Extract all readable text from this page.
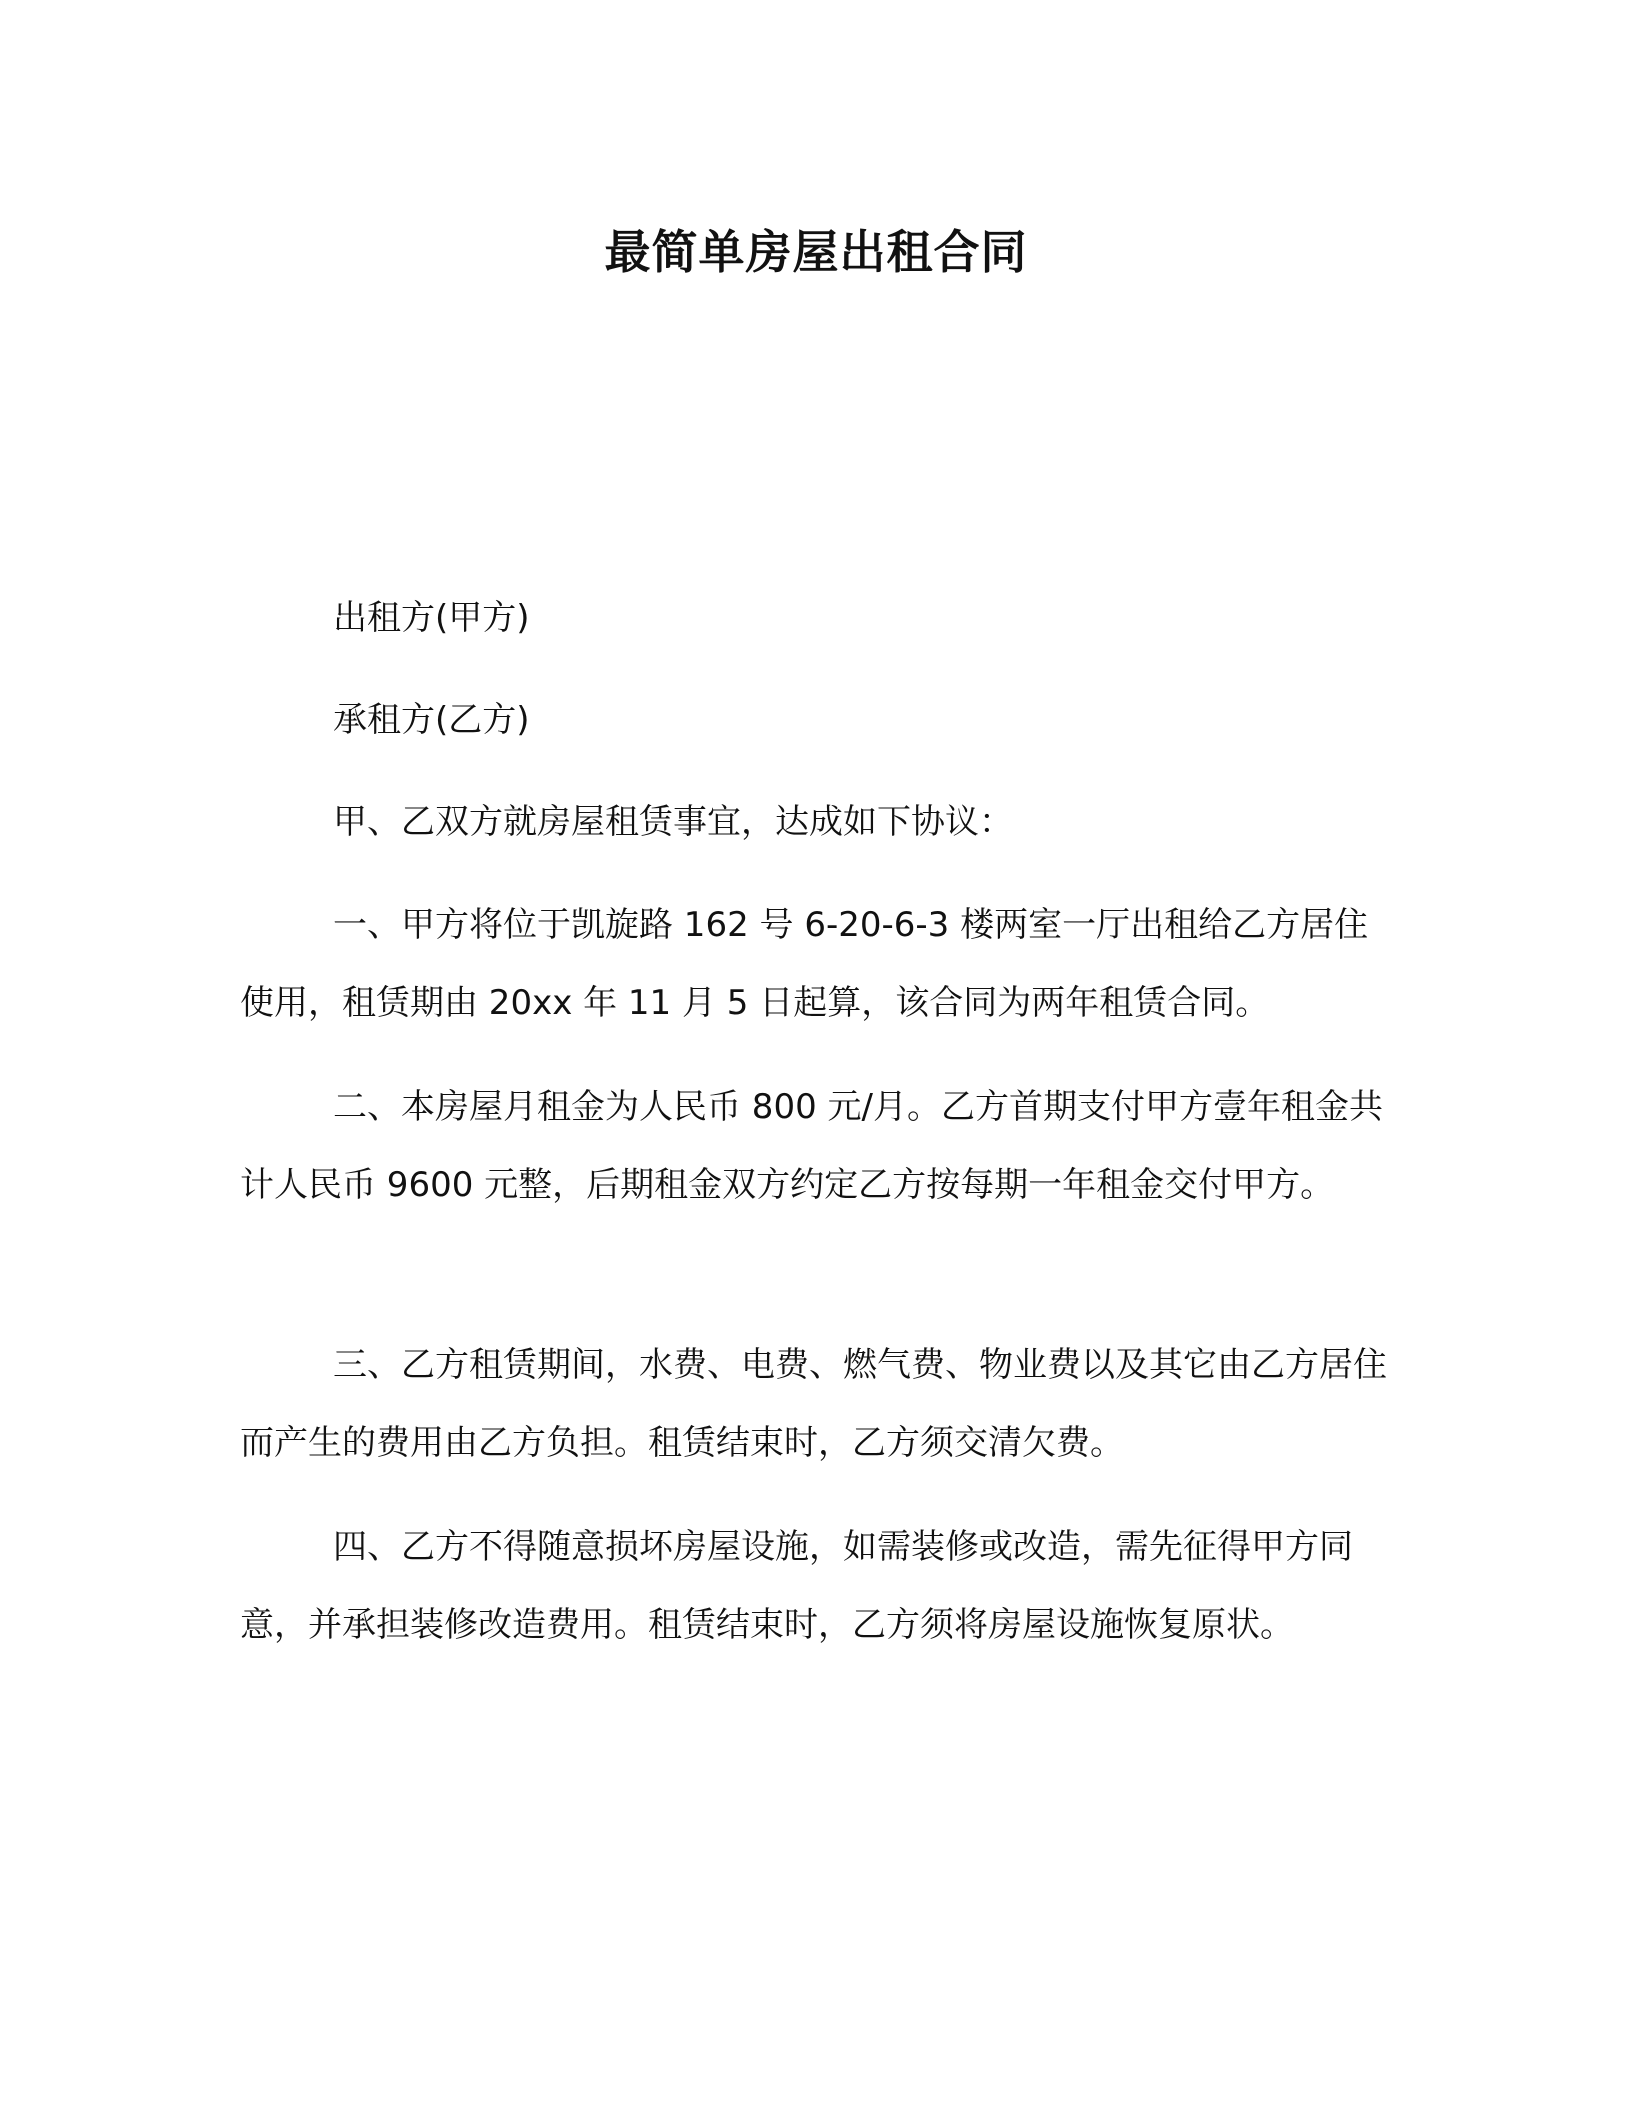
最简单房屋出租合同
出租方(甲方)
承租方(乙方)
甲、乙双方就房屋租赁事宜，达成如下协议：

一、甲方将位于凯旋路 162 号 6-20-6-3 楼两室一厅出租给乙方居住使用，租赁期由 20xx 年 11 月 5 日起算，该合同为两年租赁合同。

二、本房屋月租金为人民币 800 元/月。乙方首期支付甲方壹年租金共计人民币 9600 元整，后期租金双方约定乙方按每期一年租金交付甲方。

三、乙方租赁期间，水费、电费、燃气费、物业费以及其它由乙方居住而产生的费用由乙方负担。租赁结束时，乙方须交清欠费。

四、乙方不得随意损坏房屋设施，如需装修或改造，需先征得甲方同意，并承担装修改造费用。租赁结束时，乙方须将房屋设施恢复原状。
